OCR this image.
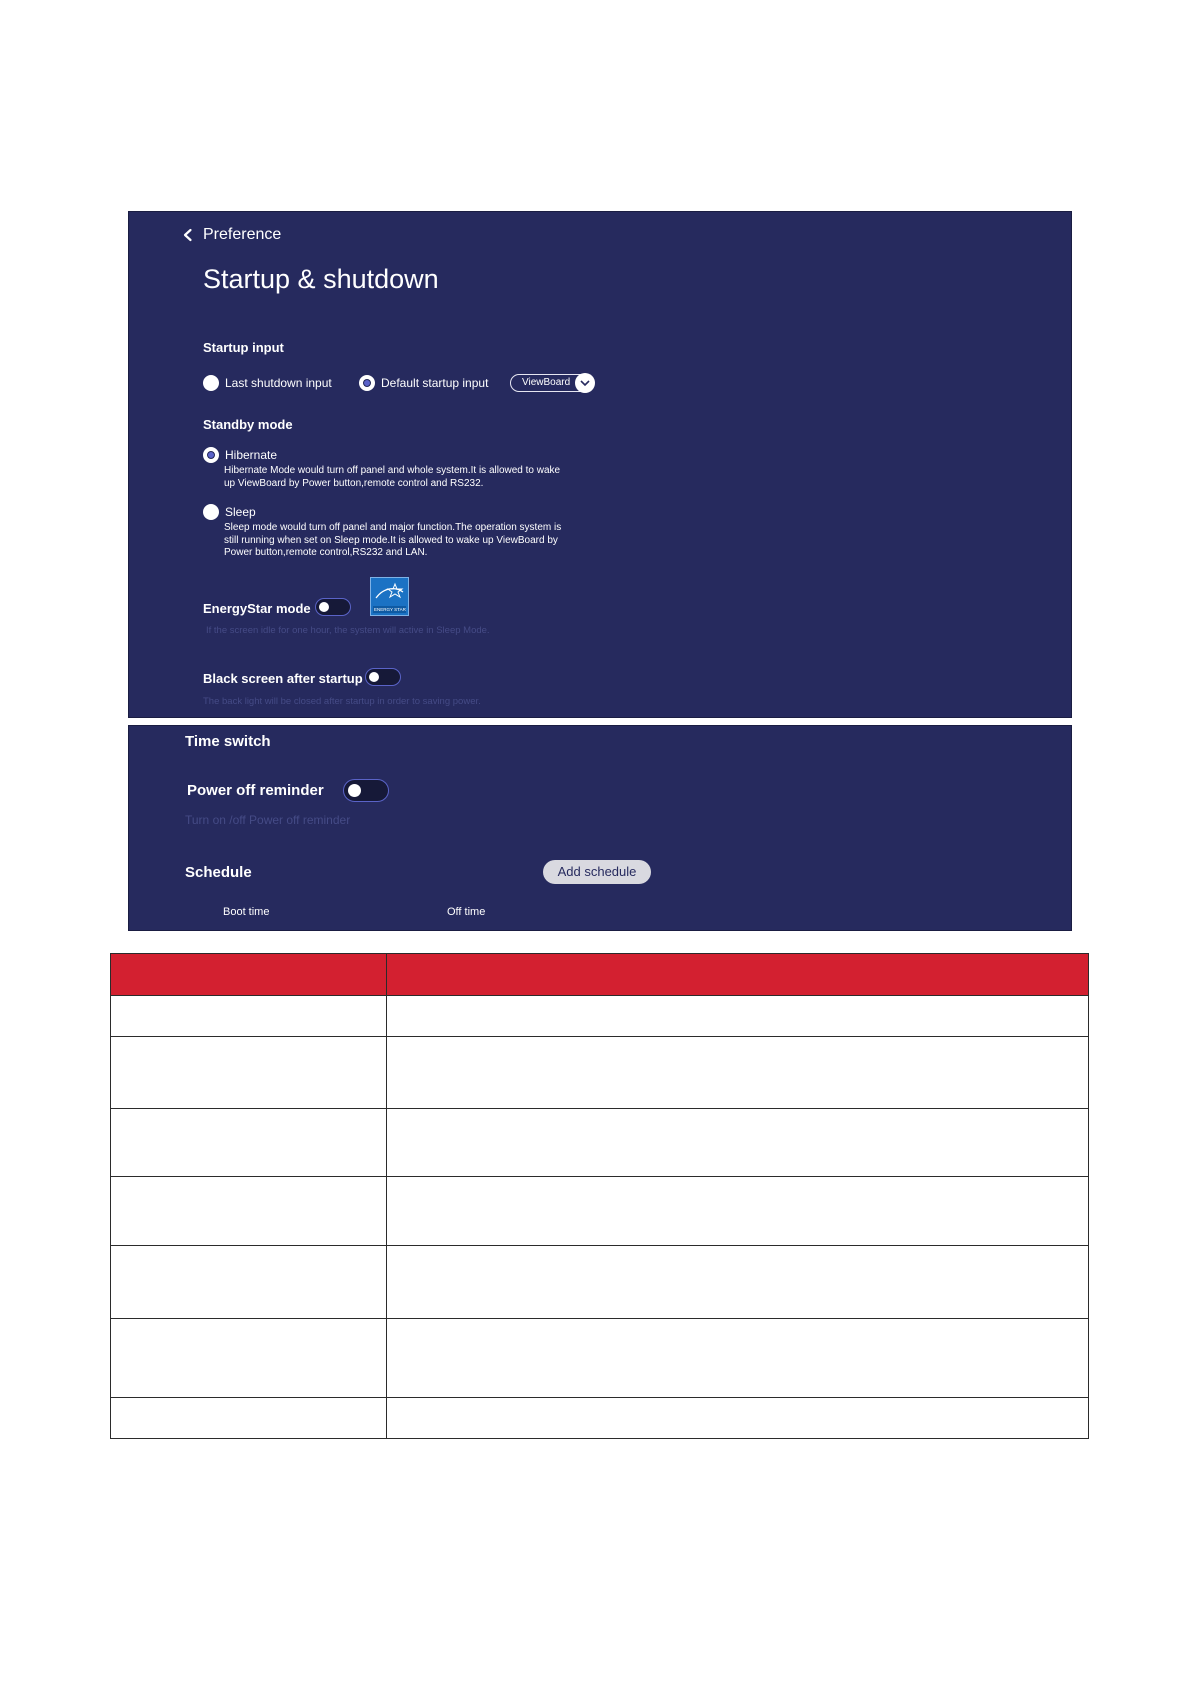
Preference
Startup & shutdown
Startup input
Last shutdown input	Default startup input	ViewBoard
Standby mode
Hibernate
Hibernate Mode would turn off panel and whole system.It is allowed to wake up ViewBoard by Power button,remote control and RS232.
Sleep
Sleep mode would turn off panel and major function.The operation system is still running when set on Sleep mode.It is allowed to wake up ViewBoard by Power button,remote control,RS232 and LAN.
EnergyStar mode	ENERGY STAR
If the screen idle for one hour, the system will active in Sleep Mode.
Black screen after startup
The back light will be closed after startup in order to saving power.
Time switch
Power off reminder
Turn on /off Power off reminder
Schedule	Add schedule
Boot time	Off time
